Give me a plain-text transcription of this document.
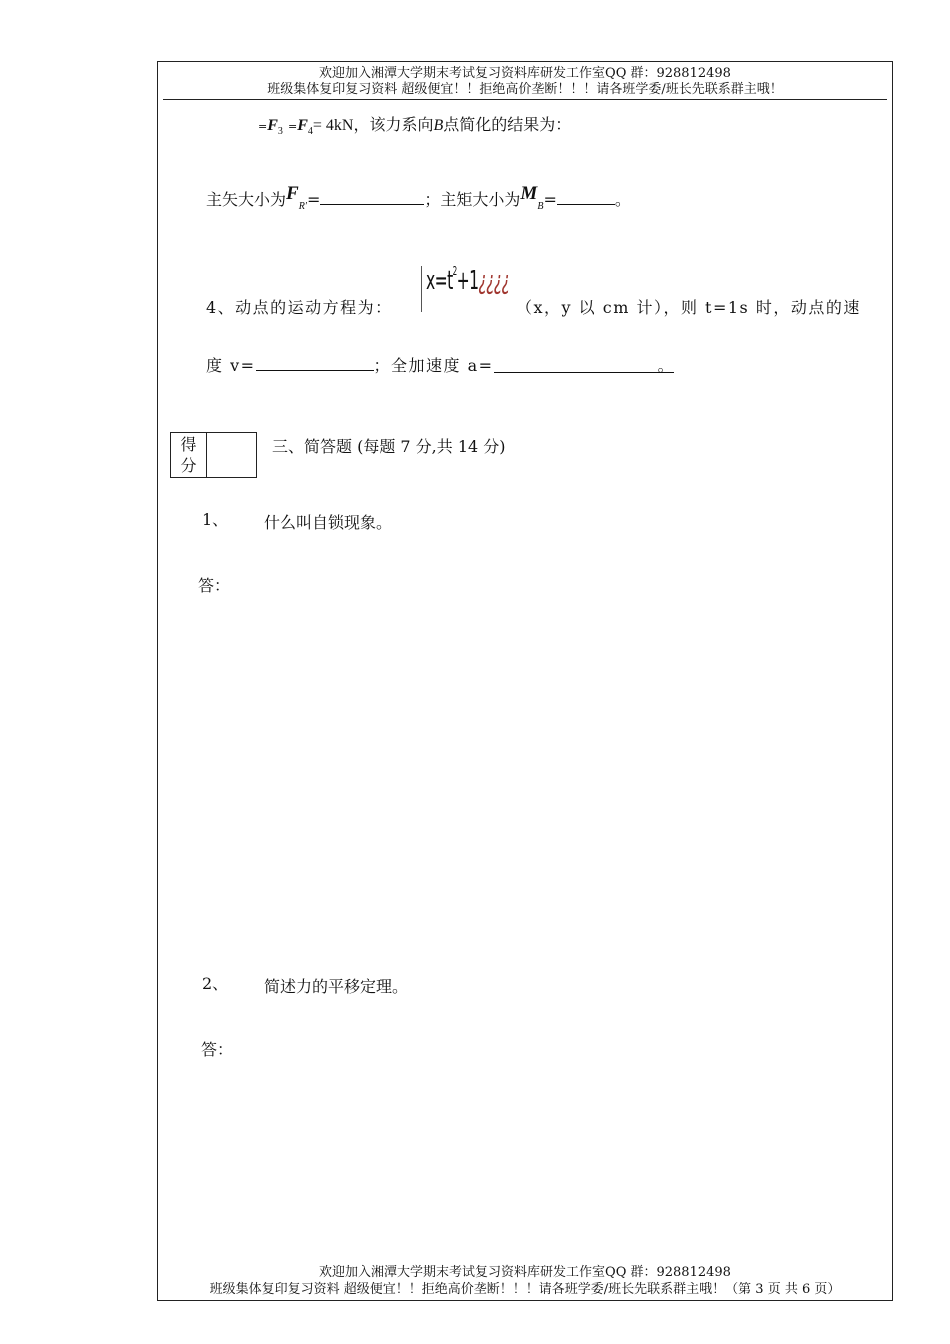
欢迎加入湘潭大学期末考试复习资料库研发工作室QQ 群：928812498
班级集体复印复习资料 超级便宜！！拒绝高价垄断！！！请各班学委/班长先联系群主哦！
$=F_3 =F_4= 4kN$，该力系向B点简化的结果为：
主矢大小为$F_{R'}=$	；主矩大小为$M_B=$	。
4、动点的运动方程为：
$x=t^2+1¿¿¿¿$
（x，y 以 cm 计），则 t=1s 时，动点的速
度 v=	；全加速度 a=	。
得
分
三、简答题 (每题 7 分,共 14 分)
1、 什么叫自锁现象。
答：
2、 简述力的平移定理。
答：
欢迎加入湘潭大学期末考试复习资料库研发工作室QQ 群：928812498
班级集体复印复习资料 超级便宜！！拒绝高价垄断！！！请各班学委/班长先联系群主哦！（第 3 页 共 6 页）
